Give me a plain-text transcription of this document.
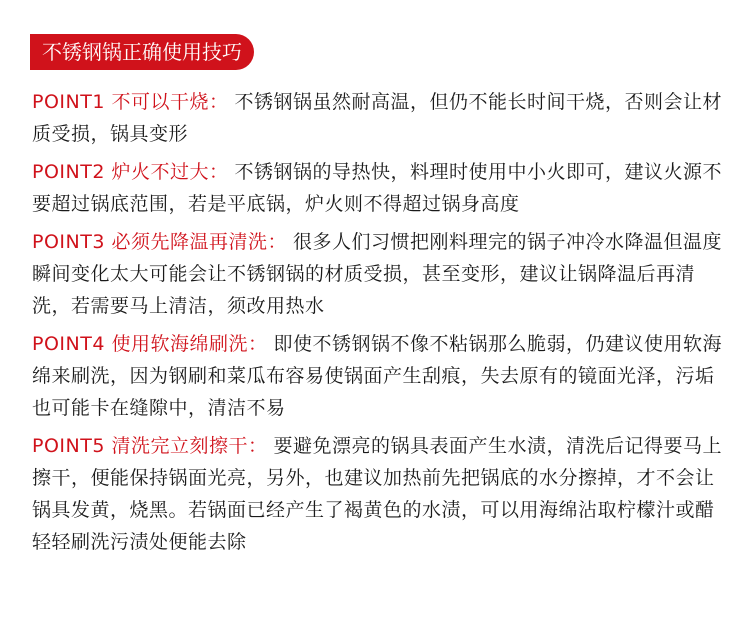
不锈钢锅正确使用技巧

POINT1 不可以干烧： 不锈钢锅虽然耐高温，但仍不能长时间干烧，否则会让材质受损，锅具变形

POINT2 炉火不过大： 不锈钢锅的导热快，料理时使用中小火即可，建议火源不要超过锅底范围，若是平底锅，炉火则不得超过锅身高度

POINT3 必须先降温再清洗： 很多人们习惯把刚料理完的锅子冲冷水降温但温度瞬间变化太大可能会让不锈钢锅的材质受损，甚至变形，建议让锅降温后再清洗，若需要马上清洁，须改用热水

POINT4 使用软海绵刷洗： 即使不锈钢锅不像不粘锅那么脆弱，仍建议使用软海绵来刷洗，因为钢刷和菜瓜布容易使锅面产生刮痕，失去原有的镜面光泽，污垢也可能卡在缝隙中，清洁不易

POINT5 清洗完立刻擦干： 要避免漂亮的锅具表面产生水渍，清洗后记得要马上擦干，便能保持锅面光亮，另外，也建议加热前先把锅底的水分擦掉，才不会让锅具发黄，烧黑。若锅面已经产生了褐黄色的水渍，可以用海绵沾取柠檬汁或醋轻轻刷洗污渍处便能去除
